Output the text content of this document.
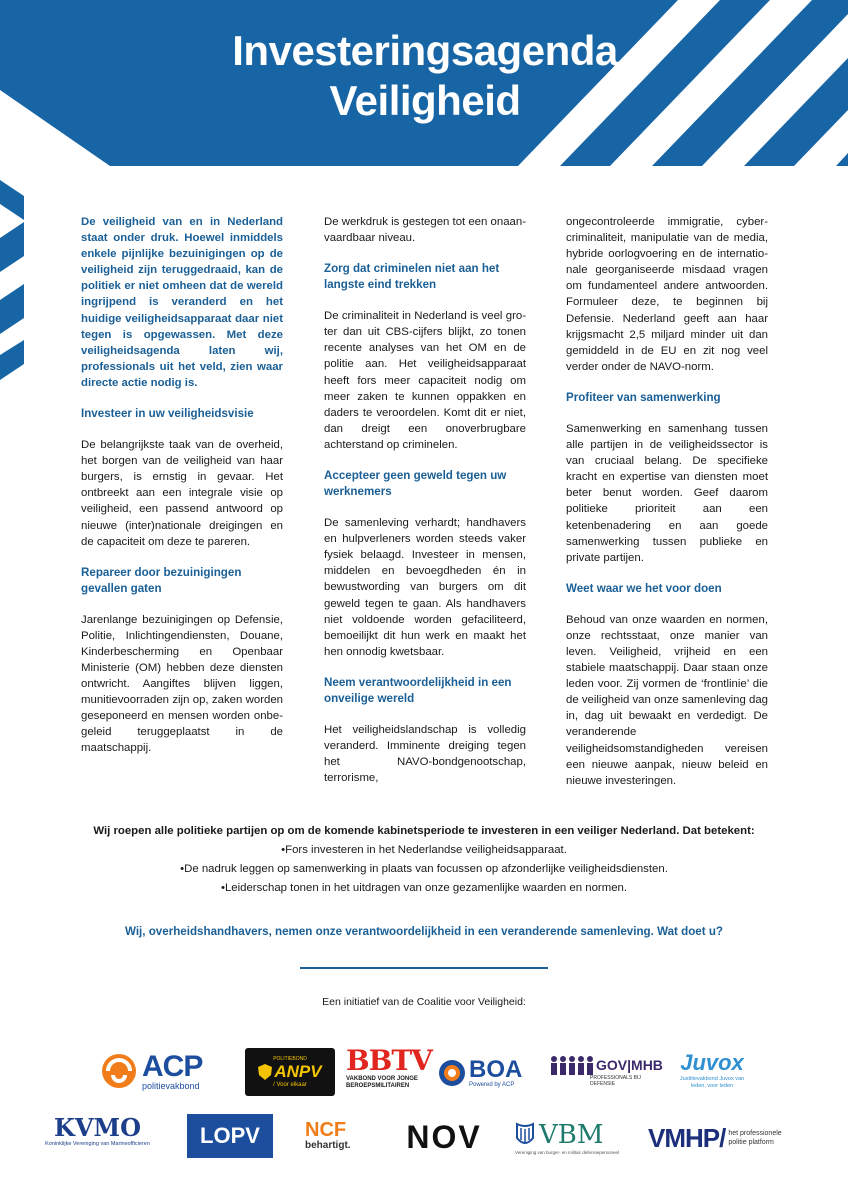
Investeringsagenda
Veiligheid

De veiligheid van en in Nederland staat onder druk. Hoewel inmiddels enkele pijnlijke bezuinigingen op de veiligheid zijn teruggedraaid, kan de politiek er niet omheen dat de wereld ingrijpend is veranderd en het huidige veiligheidsapparaat daar niet tegen is opgewassen. Met deze veiligheidsagenda laten wij, professionals uit het veld, zien waar directe actie nodig is.

Investeer in uw veiligheidsvisie

De belangrijkste taak van de overheid, het borgen van de veiligheid van haar burgers, is ernstig in gevaar. Het ontbreekt aan een integrale visie op veiligheid, een passend antwoord op nieuwe (inter)nationale dreigingen en de capaciteit om deze te pareren.

Repareer door bezuinigingen gevallen gaten

Jarenlange bezuinigingen op Defensie, Politie, Inlichtingendiensten, Douane, Kinderbescherming en Openbaar Ministerie (OM) hebben deze diensten ontwricht. Aangiftes blijven liggen, munitievoorraden zijn op, zaken worden geseponeerd en mensen worden onbegeleid teruggeplaatst in de maatschappij.

De werkdruk is gestegen tot een onaanvaardbaar niveau.

Zorg dat criminelen niet aan het langste eind trekken

De criminaliteit in Nederland is veel groter dan uit CBS-cijfers blijkt, zo tonen recente analyses van het OM en de politie aan. Het veiligheidsapparaat heeft fors meer capaciteit nodig om meer zaken te kunnen oppakken en daders te veroordelen. Komt dit er niet, dan dreigt een onoverbrugbare achterstand op criminelen.

Accepteer geen geweld tegen uw werknemers

De samenleving verhardt; handhavers en hulpverleners worden steeds vaker fysiek belaagd. Investeer in mensen, middelen en bevoegdheden én in bewustwording van burgers om dit geweld tegen te gaan. Als handhavers niet voldoende worden gefaciliteerd, bemoeilijkt dit hun werk en maakt het hen onnodig kwetsbaar.

Neem verantwoordelijkheid in een onveilige wereld

Het veiligheidslandschap is volledig veranderd. Imminente dreiging tegen het NAVO-bondgenootschap, terrorisme,

ongecontroleerde immigratie, cybercriminaliteit, manipulatie van de media, hybride oorlogvoering en de internationale georganiseerde misdaad vragen om fundamenteel andere antwoorden. Formuleer deze, te beginnen bij Defensie. Nederland geeft aan haar krijgsmacht 2,5 miljard minder uit dan gemiddeld in de EU en zit nog veel verder onder de NAVO-norm.

Profiteer van samenwerking

Samenwerking en samenhang tussen alle partijen in de veiligheidssector is van cruciaal belang. De specifieke kracht en expertise van diensten moet beter benut worden. Geef daarom politieke prioriteit aan een ketenbenadering en aan goede samenwerking tussen publieke en private partijen.

Weet waar we het voor doen

Behoud van onze waarden en normen, onze rechtsstaat, onze manier van leven. Veiligheid, vrijheid en een stabiele maatschappij. Daar staan onze leden voor. Zij vormen de ‘frontlinie’ die de veiligheid van onze samenleving dag in, dag uit bewaakt en verdedigt. De veranderende veiligheidsomstandigheden vereisen een nieuwe aanpak, nieuw beleid en nieuwe investeringen.

Wij roepen alle politieke partijen op om de komende kabinetsperiode te investeren in een veiliger Nederland. Dat betekent:
• Fors investeren in het Nederlandse veiligheidsapparaat.
• De nadruk leggen op samenwerking in plaats van focussen op afzonderlijke veiligheidsdiensten.
• Leiderschap tonen in het uitdragen van onze gezamenlijke waarden en normen.
Wij, overheidshandhavers, nemen onze verantwoordelijkheid in een veranderende samenleving. Wat doet u?
Een initiatief van de Coalitie voor Veiligheid:
ACP
politievakbond
POLITIEBOND
ANPV
/ Voor elkaar
BBTV
VAKBOND VOOR JONGE BEROEPSMILITAIREN
BOA
Powered by ACP
GOV|MHB
PROFESSIONALS BIJ DEFENSIE
Juvox
Justitievakbond Juvox van leden, voor leden
KVMO
Koninklijke Vereniging van Marineofficieren LOPV NCF
behartigt. NOV VBM
Vereniging van burger- en militair defensiepersoneel VMHP/ het professionele politie platform
